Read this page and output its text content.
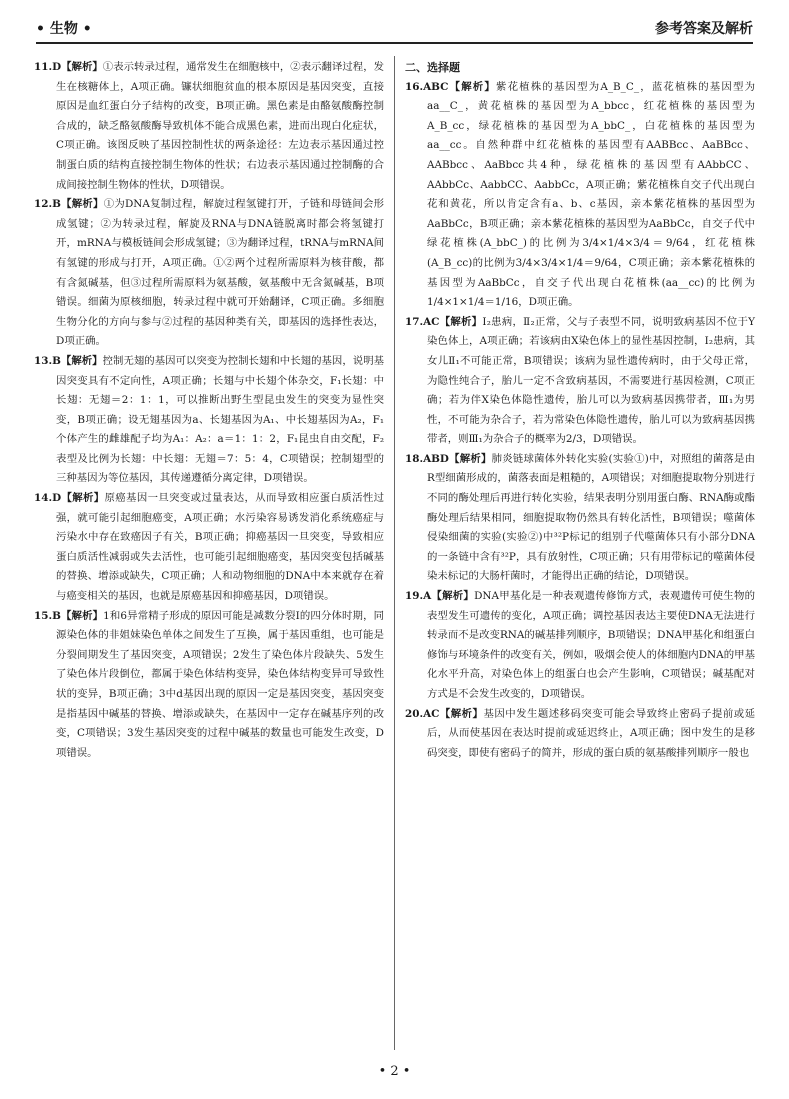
• 生物 •	参考答案及解析

11.D【解析】①表示转录过程，通常发生在细胞核中，②表示翻译过程，发生在核糖体上，A项正确。镰状细胞贫血的根本原因是基因突变，直接原因是血红蛋白分子结构的改变，B项正确。黑色素是由酪氨酸酶控制合成的，缺乏酪氨酸酶导致机体不能合成黑色素，进而出现白化症状，C项正确。该图反映了基因控制性状的两条途径：左边表示基因通过控制蛋白质的结构直接控制生物体的性状；右边表示基因通过控制酶的合成间接控制生物体的性状，D项错误。

12.B【解析】①为DNA复制过程，解旋过程氢键打开，子链和母链间会形成氢键；②为转录过程，解旋及RNA与DNA链脱离时都会将氢键打开，mRNA与模板链间会形成氢键；③为翻译过程，tRNA与mRNA间有氢键的形成与打开，A项正确。①②两个过程所需原料为核苷酸，都有含氮碱基，但③过程所需原料为氨基酸，氨基酸中无含氮碱基，B项错误。细菌为原核细胞，转录过程中就可开始翻译，C项正确。多细胞生物分化的方向与参与②过程的基因种类有关，即基因的选择性表达，D项正确。

13.B【解析】控制无翅的基因可以突变为控制长翅和中长翅的基因，说明基因突变具有不定向性，A项正确；长翅与中长翅个体杂交，F₁长翅：中长翅：无翅＝2：1：1，可以推断出野生型昆虫发生的突变为显性突变，B项正确；设无翅基因为a、长翅基因为A₁、中长翅基因为A₂，F₁个体产生的雌雄配子均为A₁：A₂：a＝1：1：2，F₁昆虫自由交配，F₂表型及比例为长翅：中长翅：无翅＝7：5：4，C项错误；控制翅型的三种基因为等位基因，其传递遵循分离定律，D项错误。

14.D【解析】原癌基因一旦突变或过量表达，从而导致相应蛋白质活性过强，就可能引起细胞癌变，A项正确；水污染容易诱发消化系统癌症与污染水中存在致癌因子有关，B项正确；抑癌基因一旦突变，导致相应蛋白质活性减弱或失去活性，也可能引起细胞癌变，基因突变包括碱基的替换、增添或缺失，C项正确；人和动物细胞的DNA中本来就存在着与癌变相关的基因，也就是原癌基因和抑癌基因，D项错误。

15.B【解析】1和6异常精子形成的原因可能是减数分裂Ⅰ的四分体时期，同源染色体的非姐妹染色单体之间发生了互换，属于基因重组，也可能是分裂间期发生了基因突变，A项错误；2发生了染色体片段缺失、5发生了染色体片段倒位，都属于染色体结构变异，染色体结构变异可导致性状的变异，B项正确；3中d基因出现的原因一定是基因突变，基因突变是指基因中碱基的替换、增添或缺失，在基因中一定存在碱基序列的改变，C项错误；3发生基因突变的过程中碱基的数量也可能发生改变，D项错误。

二、选择题

16.ABC【解析】紫花植株的基因型为A_B_C_，蓝花植株的基因型为aa__C_，黄花植株的基因型为A_bbcc，红花植株的基因型为A_B_cc，绿花植株的基因型为A_bbC_，白花植株的基因型为aa__cc。自然种群中红花植株的基因型有AABBcc、AaBBcc、AABbcc、AaBbcc共4种，绿花植株的基因型有AAbbCC、AAbbCc、AabbCC、AabbCc，A项正确；紫花植株自交子代出现白花和黄花，所以肯定含有a、b、c基因，亲本紫花植株的基因型为AaBbCc，B项正确；亲本紫花植株的基因型为AaBbCc，自交子代中绿花植株(A_bbC_)的比例为3/4×1/4×3/4＝9/64，红花植株(A_B_cc)的比例为3/4×3/4×1/4＝9/64，C项正确；亲本紫花植株的基因型为AaBbCc，自交子代出现白花植株(aa__cc)的比例为1/4×1×1/4＝1/16，D项正确。

17.AC【解析】Ⅰ₂患病，Ⅱ₂正常，父与子表型不同，说明致病基因不位于Y染色体上，A项正确；若该病由X染色体上的显性基因控制，Ⅰ₂患病，其女儿Ⅱ₁不可能正常，B项错误；该病为显性遗传病时，由于父母正常，为隐性纯合子，胎儿一定不含致病基因，不需要进行基因检测，C项正确；若为伴X染色体隐性遗传，胎儿可以为致病基因携带者，Ⅲ₁为男性，不可能为杂合子，若为常染色体隐性遗传，胎儿可以为致病基因携带者，则Ⅲ₁为杂合子的概率为2/3，D项错误。

18.ABD【解析】肺炎链球菌体外转化实验(实验①)中，对照组的菌落是由R型细菌形成的，菌落表面是粗糙的，A项错误；对细胞提取物分别进行不同的酶处理后再进行转化实验，结果表明分别用蛋白酶、RNA酶或酯酶处理后结果相同，细胞提取物仍然具有转化活性，B项错误；噬菌体侵染细菌的实验(实验②)中³²P标记的组别子代噬菌体只有小部分DNA的一条链中含有³²P，具有放射性，C项正确；只有用带标记的噬菌体侵染未标记的大肠杆菌时，才能得出正确的结论，D项错误。

19.A【解析】DNA甲基化是一种表观遗传修饰方式，表观遗传可使生物的表型发生可遗传的变化，A项正确；调控基因表达主要使DNA无法进行转录而不是改变RNA的碱基排列顺序，B项错误；DNA甲基化和组蛋白修饰与环境条件的改变有关，例如，吸烟会使人的体细胞内DNA的甲基化水平升高，对染色体上的组蛋白也会产生影响，C项错误；碱基配对方式是不会发生改变的，D项错误。

20.AC【解析】基因中发生题述移码突变可能会导致终止密码子提前或延后，从而使基因在表达时提前或延迟终止，A项正确；图中发生的是移码突变，即使有密码子的简并，形成的蛋白质的氨基酸排列顺序一般也

• 2 •
